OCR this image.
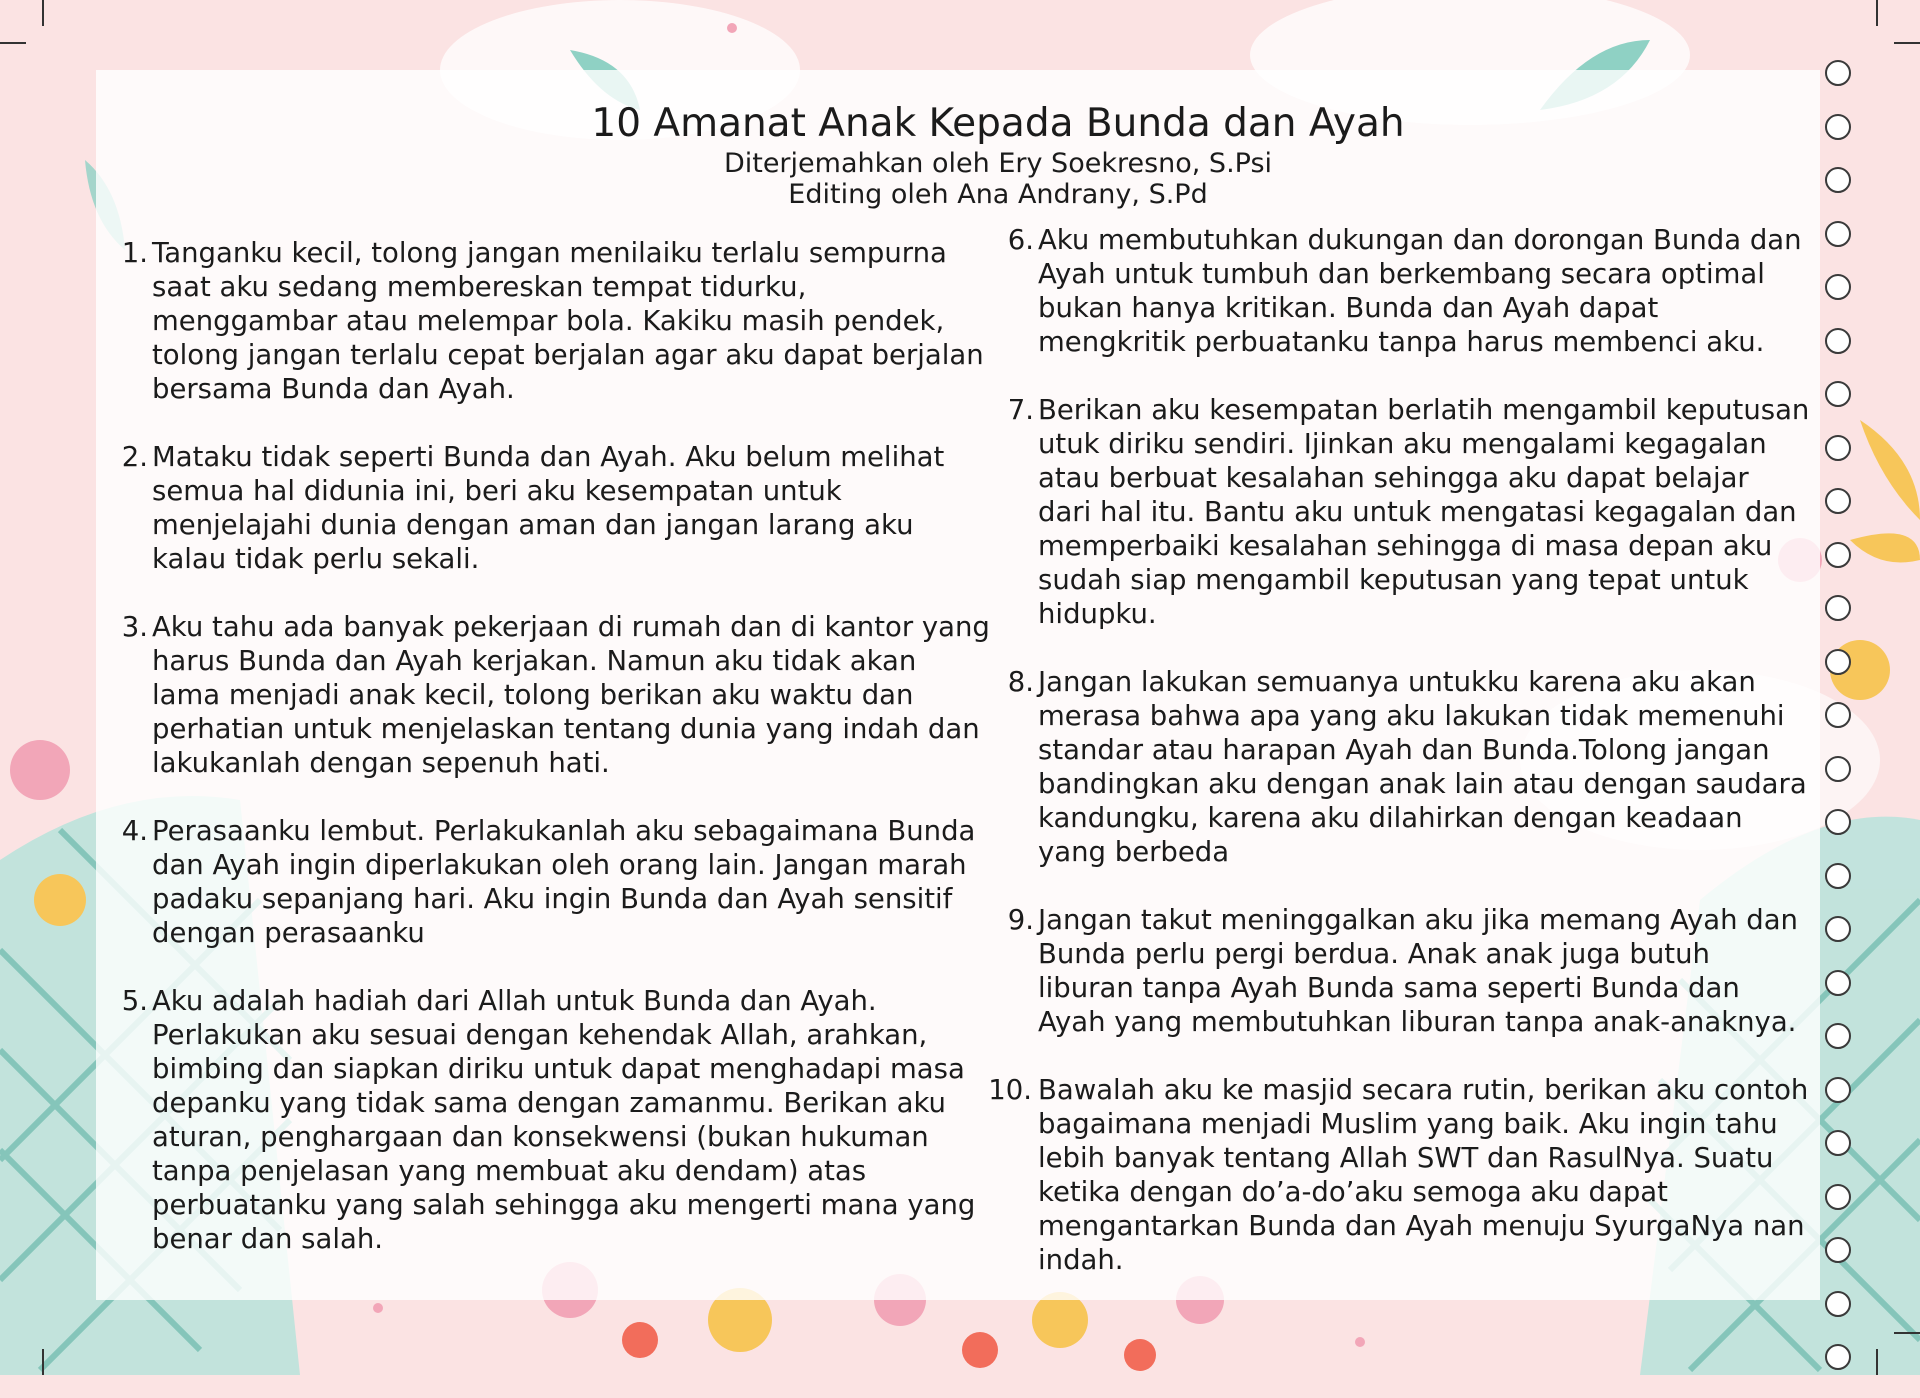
10 Amanat Anak Kepada Bunda dan Ayah

Diterjemahkan oleh Ery Soekresno, S.Psi

Editing oleh Ana Andrany, S.Pd

1. Tanganku kecil, tolong jangan menilaiku terlalu sempurna saat aku sedang membereskan tempat tidurku, menggambar atau melempar bola. Kakiku masih pendek, tolong jangan terlalu cepat berjalan agar aku dapat berjalan bersama Bunda dan Ayah.
2. Mataku tidak seperti Bunda dan Ayah. Aku belum melihat semua hal didunia ini, beri aku kesempatan untuk menjelajahi dunia dengan aman dan jangan larang aku kalau tidak perlu sekali.
3. Aku tahu ada banyak pekerjaan di rumah dan di kantor yang harus Bunda dan Ayah kerjakan. Namun aku tidak akan lama menjadi anak kecil, tolong berikan aku waktu dan perhatian untuk menjelaskan tentang dunia yang indah dan lakukanlah dengan sepenuh hati.
4. Perasaanku lembut. Perlakukanlah aku sebagaimana Bunda dan Ayah ingin diperlakukan oleh orang lain. Jangan marah padaku sepanjang hari. Aku ingin Bunda dan Ayah sensitif dengan perasaanku
5. Aku adalah hadiah dari Allah untuk Bunda dan Ayah. Perlakukan aku sesuai dengan kehendak Allah, arahkan, bimbing dan siapkan diriku untuk dapat menghadapi masa depanku yang tidak sama dengan zamanmu. Berikan aku aturan, penghargaan dan konsekwensi (bukan hukuman tanpa penjelasan yang membuat aku dendam) atas perbuatanku yang salah sehingga aku mengerti mana yang benar dan salah.
6. Aku membutuhkan dukungan dan dorongan Bunda dan Ayah untuk tumbuh dan berkembang secara optimal bukan hanya kritikan. Bunda dan Ayah dapat mengkritik perbuatanku tanpa harus membenci aku.
7. Berikan aku kesempatan berlatih mengambil keputusan utuk diriku sendiri. Ijinkan aku mengalami kegagalan atau berbuat kesalahan sehingga aku dapat belajar dari hal itu. Bantu aku untuk mengatasi kegagalan dan memperbaiki kesalahan sehingga di masa depan aku sudah siap mengambil keputusan yang tepat untuk hidupku.
8. Jangan lakukan semuanya untukku karena aku akan merasa bahwa apa yang aku lakukan tidak memenuhi standar atau harapan Ayah dan Bunda.Tolong jangan bandingkan aku dengan anak lain atau dengan saudara kandungku, karena aku dilahirkan dengan keadaan yang berbeda
9. Jangan takut meninggalkan aku jika memang Ayah dan Bunda perlu pergi berdua. Anak anak juga butuh liburan tanpa Ayah Bunda sama seperti Bunda dan Ayah yang membutuhkan liburan tanpa anak-anaknya.
10. Bawalah aku ke masjid secara rutin, berikan aku contoh bagaimana menjadi Muslim yang baik. Aku ingin tahu lebih banyak tentang Allah SWT dan RasulNya. Suatu ketika dengan do’a-do’aku semoga aku dapat mengantarkan Bunda dan Ayah menuju SyurgaNya nan indah.
